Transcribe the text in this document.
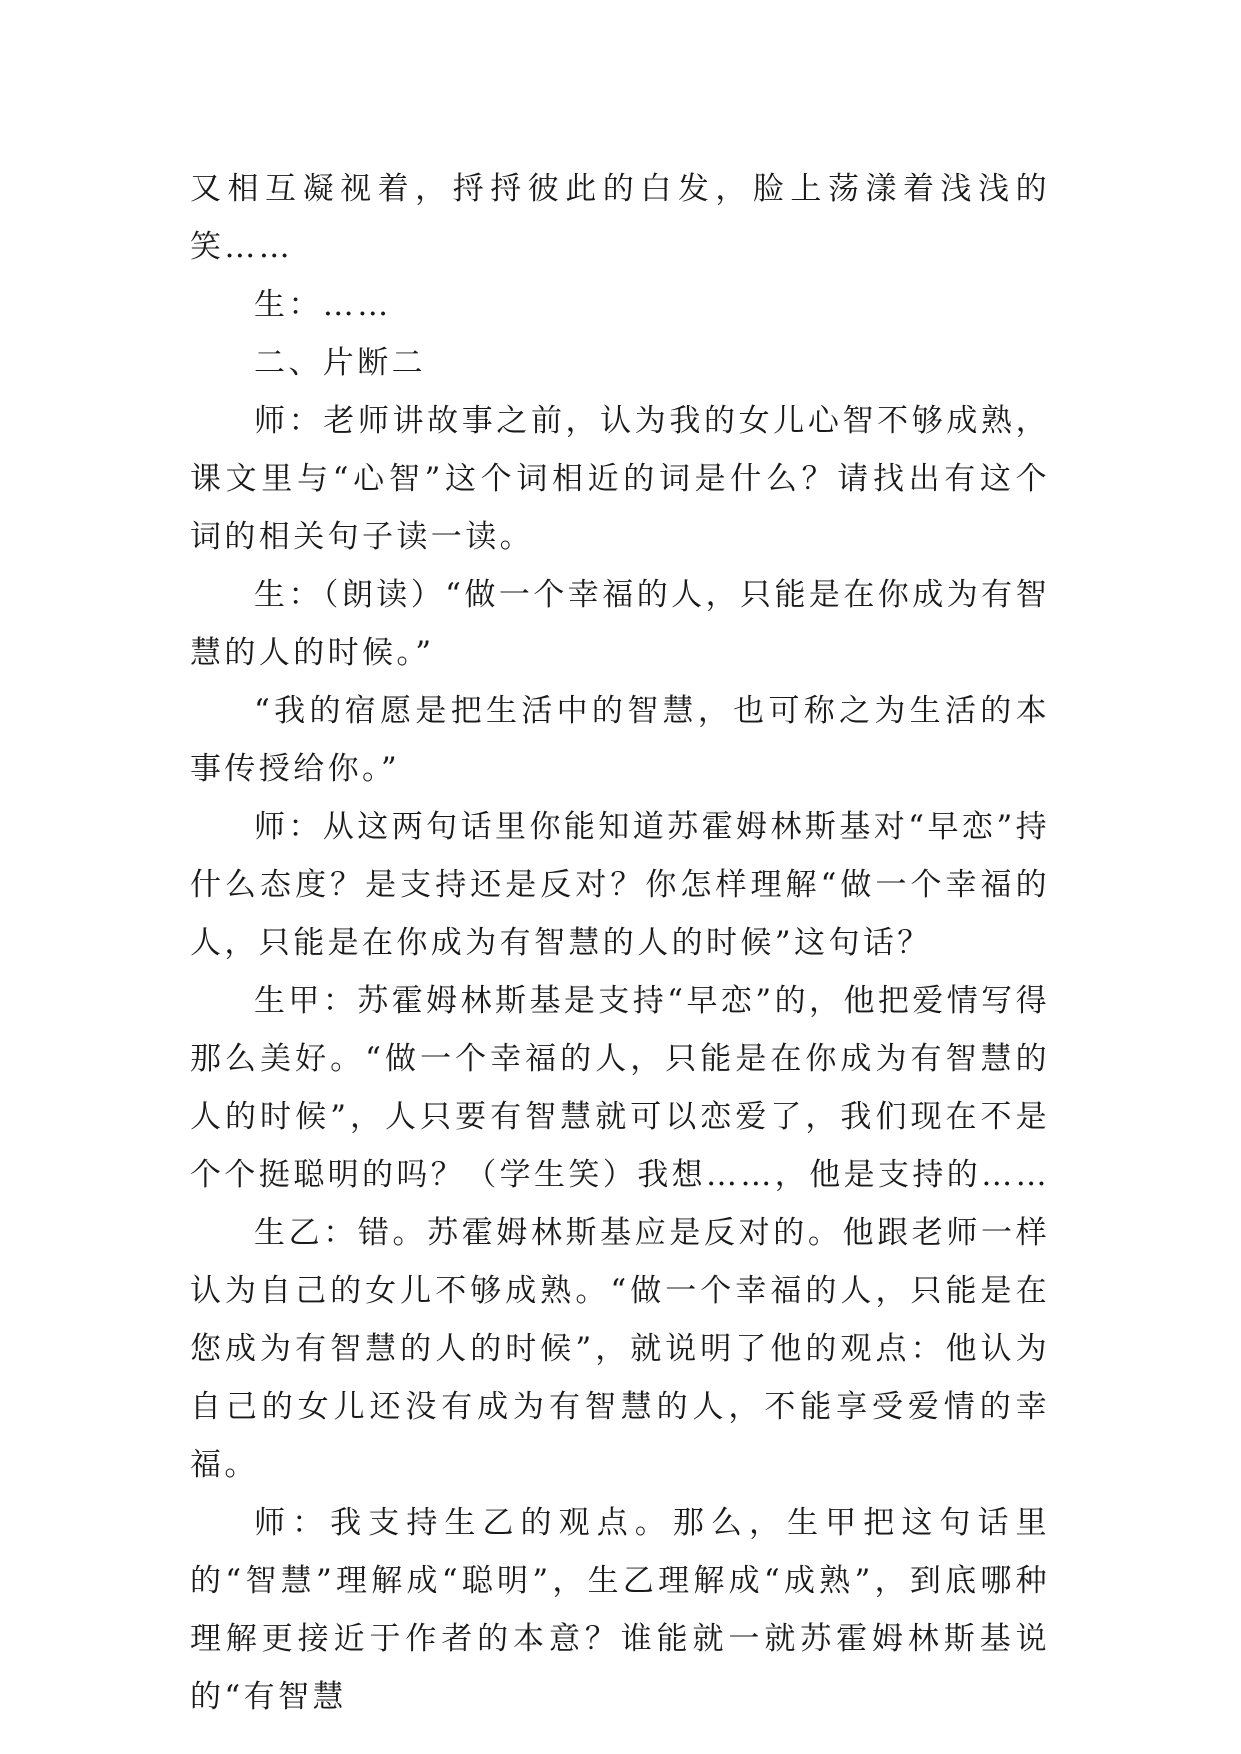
又相互凝视着，捋捋彼此的白发，脸上荡漾着浅浅的笑……

生：……

二、片断二

师：老师讲故事之前，认为我的女儿心智不够成熟，课文里与“心智”这个词相近的词是什么？请找出有这个词的相关句子读一读。

生：（朗读）“做一个幸福的人，只能是在你成为有智慧的人的时候。”

“我的宿愿是把生活中的智慧，也可称之为生活的本事传授给你。”

师：从这两句话里你能知道苏霍姆林斯基对“早恋”持什么态度？是支持还是反对？你怎样理解“做一个幸福的人，只能是在你成为有智慧的人的时候”这句话？

生甲：苏霍姆林斯基是支持“早恋”的，他把爱情写得那么美好。“做一个幸福的人，只能是在你成为有智慧的人的时候”，人只要有智慧就可以恋爱了，我们现在不是个个挺聪明的吗？（学生笑）我想……，他是支持的……

生乙：错。苏霍姆林斯基应是反对的。他跟老师一样认为自己的女儿不够成熟。“做一个幸福的人，只能是在您成为有智慧的人的时候”，就说明了他的观点：他认为自己的女儿还没有成为有智慧的人，不能享受爱情的幸福。

师：我支持生乙的观点。那么，生甲把这句话里的“智慧”理解成“聪明”，生乙理解成“成熟”，到底哪种理解更接近于作者的本意？谁能就一就苏霍姆林斯基说的“有智慧
